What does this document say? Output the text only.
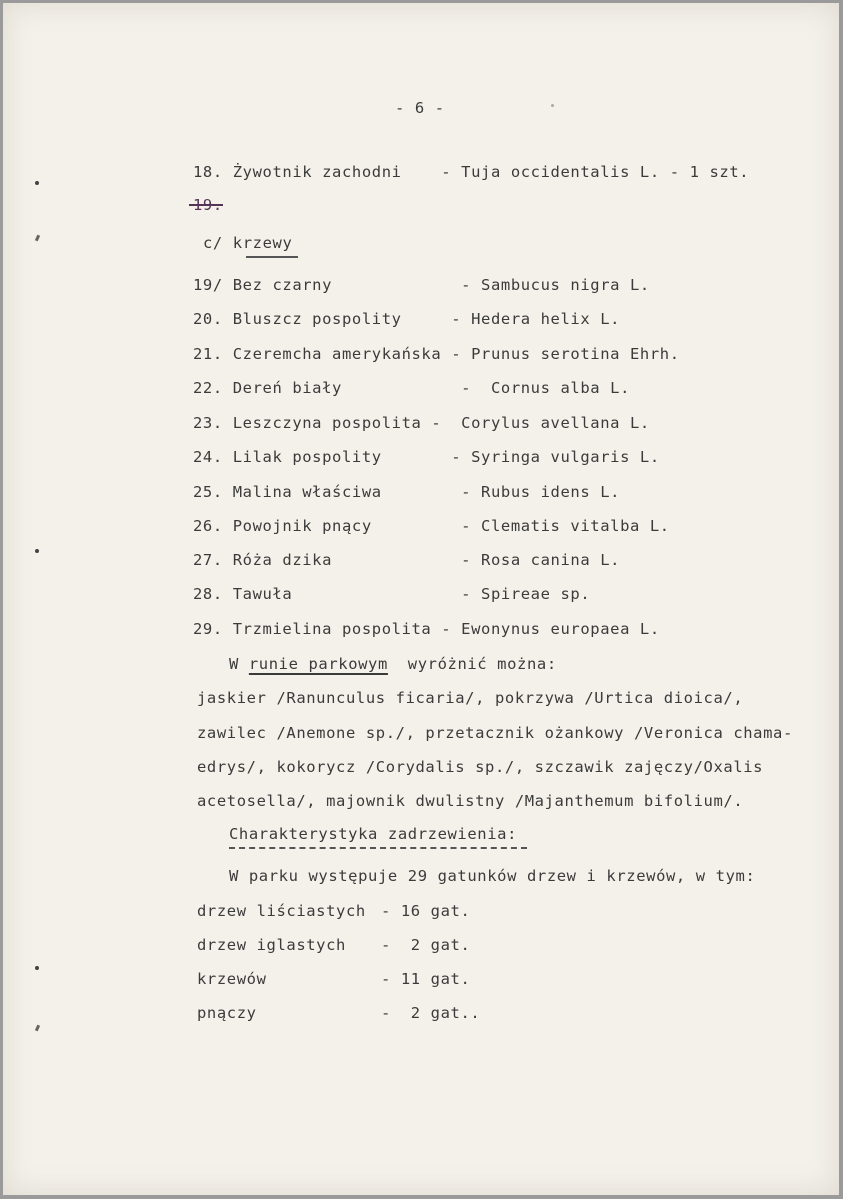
- 6 -
18. Żywotnik zachodni    - Tuja occidentalis L. - 1 szt.
19.
c/ krzewy
19/ Bez czarny             - Sambucus nigra L.
20. Bluszcz pospolity     - Hedera helix L.
21. Czeremcha amerykańska - Prunus serotina Ehrh.
22. Dereń biały            -  Cornus alba L.
23. Leszczyna pospolita -  Corylus avellana L.
24. Lilak pospolity       - Syringa vulgaris L.
25. Malina właściwa        - Rubus idens L.
26. Powojnik pnący         - Clematis vitalba L.
27. Róża dzika             - Rosa canina L.
28. Tawuła                 - Spireae sp.
29. Trzmielina pospolita - Ewonynus europaea L.
W runie parkowym  wyróżnić można:
jaskier /Ranunculus ficaria/, pokrzywa /Urtica dioica/,
zawilec /Anemone sp./, przetacznik ożankowy /Veronica chama-
edrys/, kokorycz /Corydalis sp./, szczawik zajęczy/Oxalis
acetosella/, majownik dwulistny /Majanthemum bifolium/.
Charakterystyka zadrzewienia:
W parku występuje 29 gatunków drzew i krzewów, w tym:
drzew liściastych - 16 gat.
drzew iglastych -  2 gat.
krzewów	- 11 gat.
pnączy	-  2 gat..
